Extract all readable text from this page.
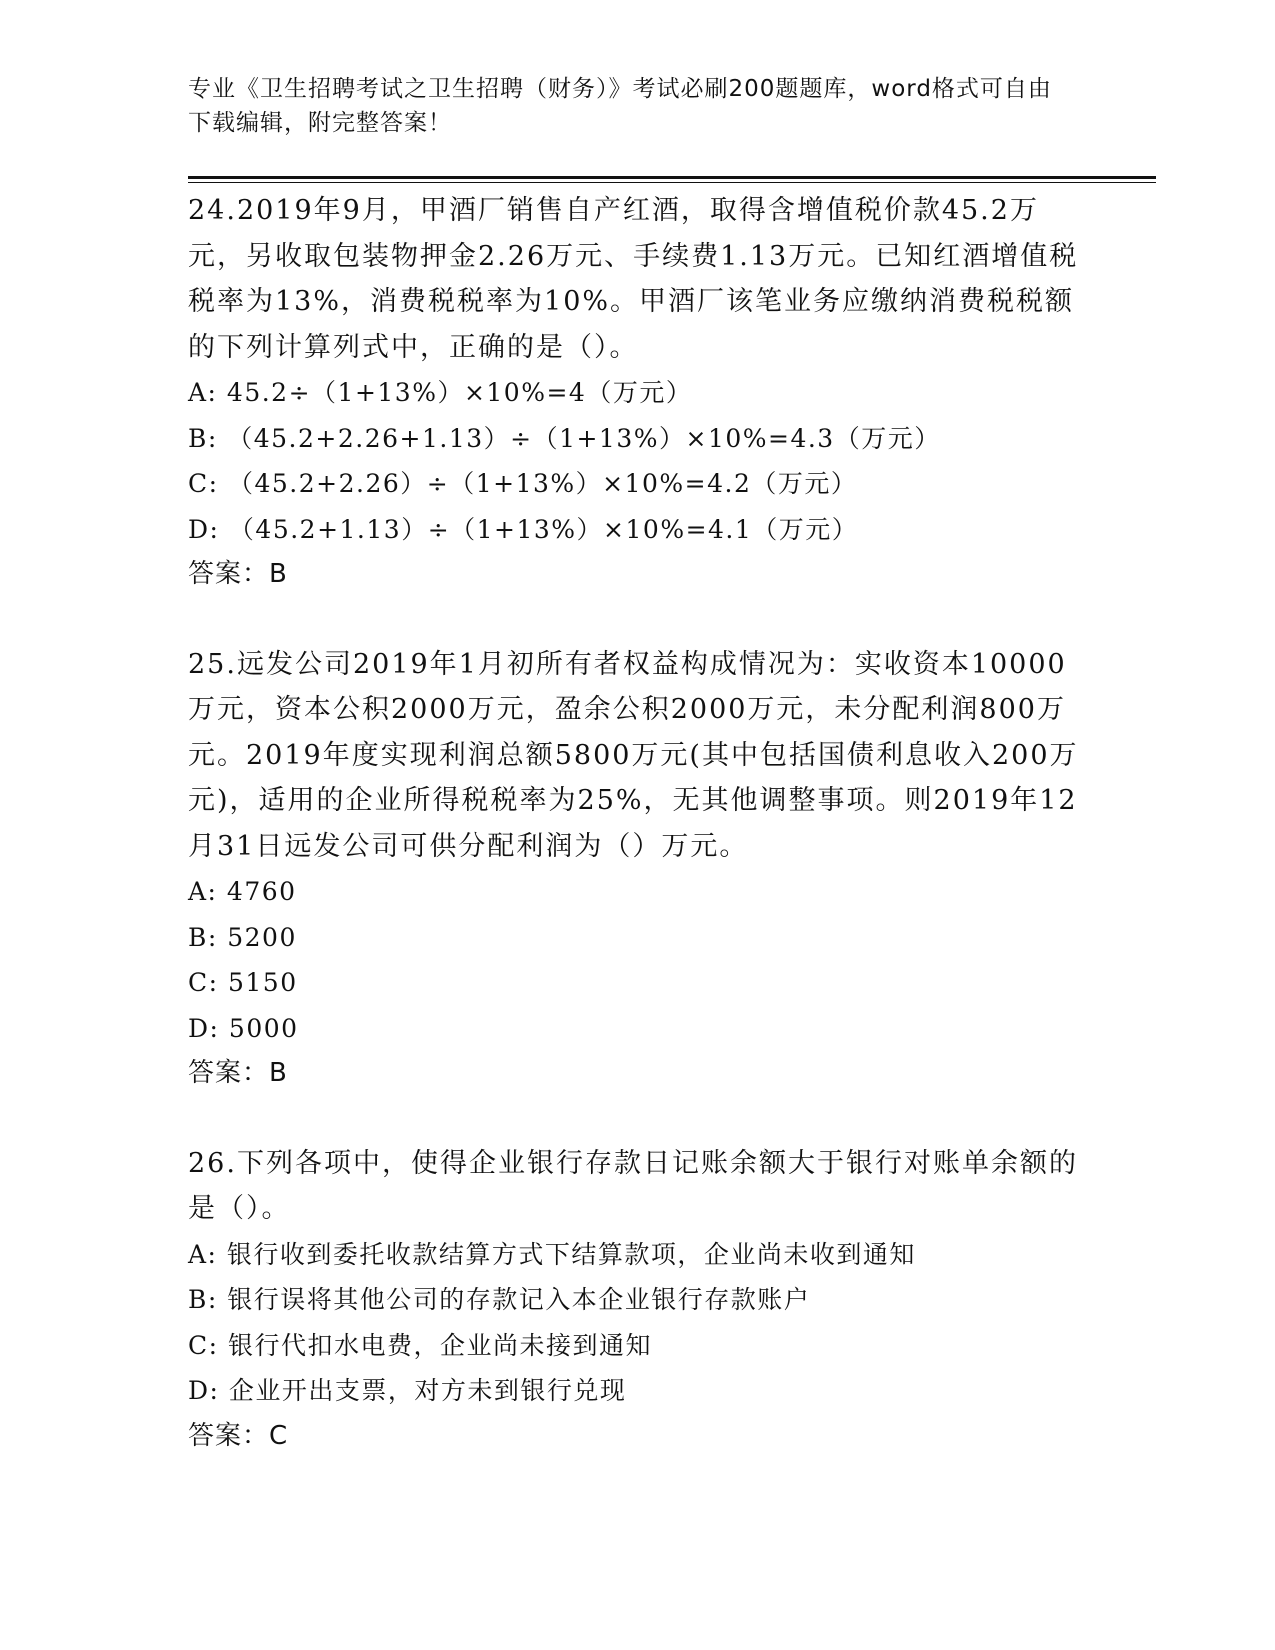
专业《卫生招聘考试之卫生招聘（财务）》考试必刷200题题库，word格式可自由下载编辑，附完整答案！
24.2019年9月，甲酒厂销售自产红酒，取得含增值税价款45.2万元，另收取包装物押金2.26万元、手续费1.13万元。已知红酒增值税税率为13%，消费税税率为10%。甲酒厂该笔业务应缴纳消费税税额的下列计算列式中，正确的是（）。
A: 45.2÷（1+13%）×10%=4（万元）
B: （45.2+2.26+1.13）÷（1+13%）×10%=4.3（万元）
C: （45.2+2.26）÷（1+13%）×10%=4.2（万元）
D: （45.2+1.13）÷（1+13%）×10%=4.1（万元）
答案：B
25.远发公司2019年1月初所有者权益构成情况为：实收资本10000万元，资本公积2000万元，盈余公积2000万元，未分配利润800万元。2019年度实现利润总额5800万元(其中包括国债利息收入200万元)，适用的企业所得税税率为25%，无其他调整事项。则2019年12月31日远发公司可供分配利润为（）万元。
A: 4760
B: 5200
C: 5150
D: 5000
答案：B
26.下列各项中，使得企业银行存款日记账余额大于银行对账单余额的是（）。
A: 银行收到委托收款结算方式下结算款项，企业尚未收到通知
B: 银行误将其他公司的存款记入本企业银行存款账户
C: 银行代扣水电费，企业尚未接到通知
D: 企业开出支票，对方未到银行兑现
答案：C
